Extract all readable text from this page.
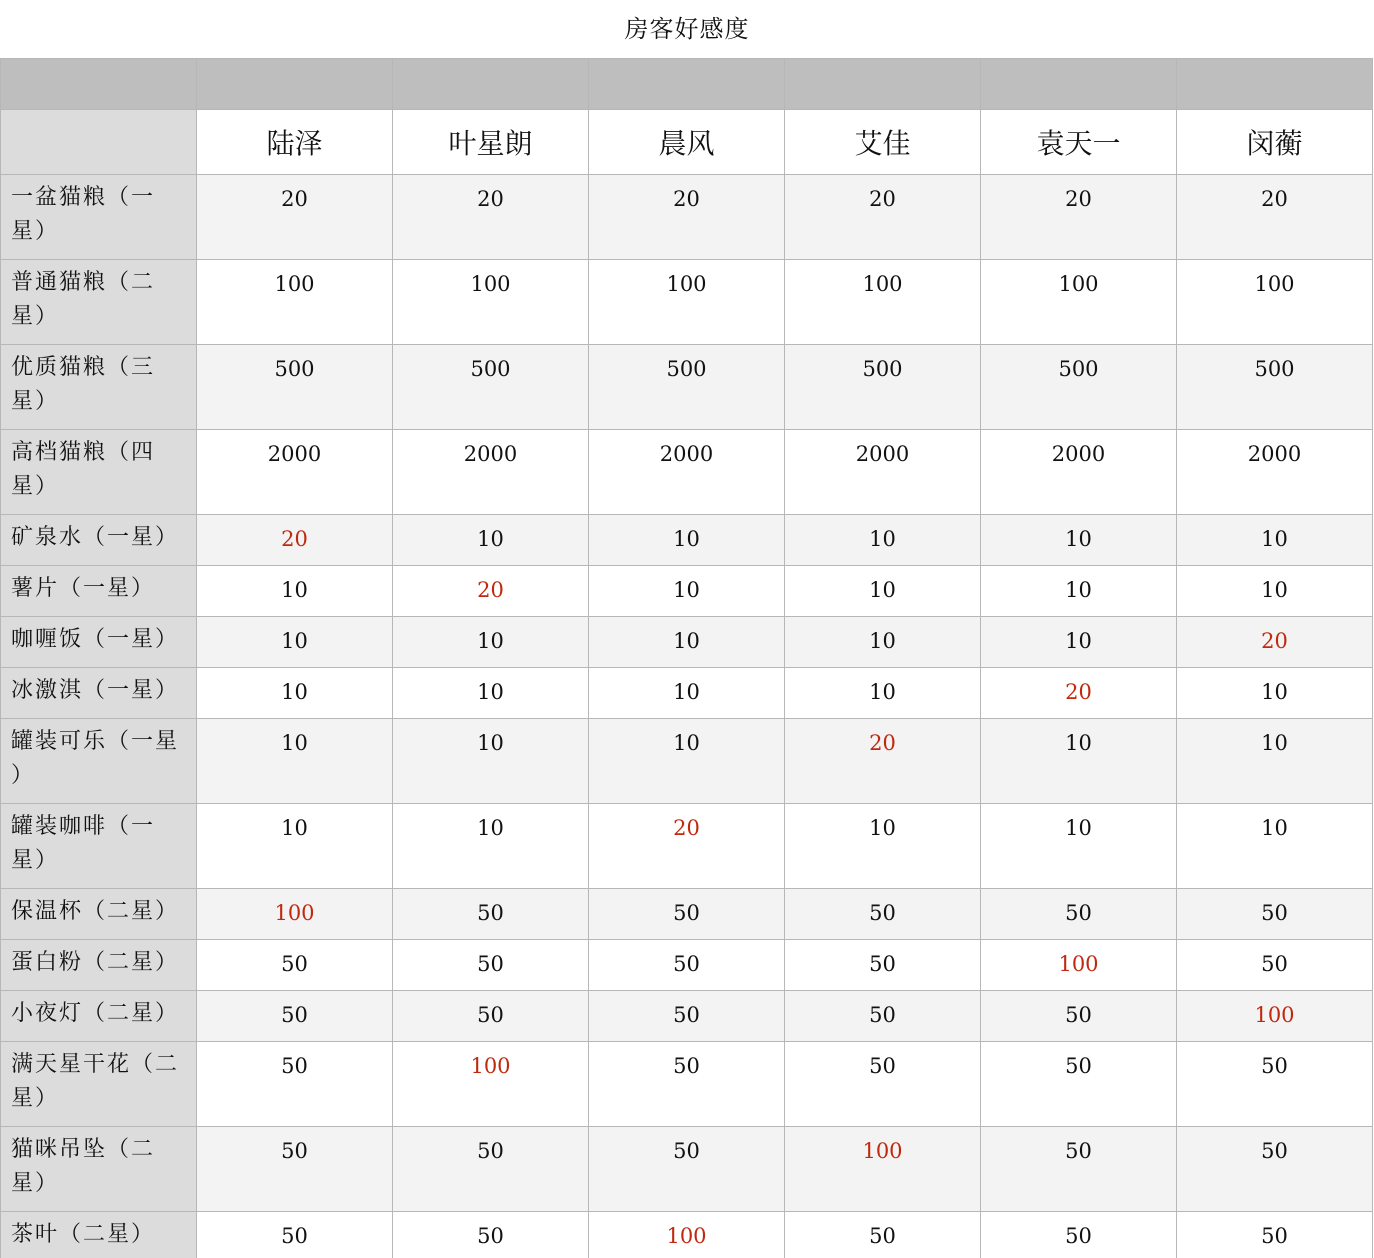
房客好感度

	陆泽	叶星朗	晨风	艾佳	袁天一	闵蘅
一盆猫粮（一星）	20	20	20	20	20	20
普通猫粮（二星）	100	100	100	100	100	100
优质猫粮（三星）	500	500	500	500	500	500
高档猫粮（四星）	2000	2000	2000	2000	2000	2000
矿泉水（一星）	20	10	10	10	10	10
薯片（一星）	10	20	10	10	10	10
咖喱饭（一星）	10	10	10	10	10	20
冰激淇（一星）	10	10	10	10	20	10
罐装可乐（一星 ）	10	10	10	20	10	10
罐装咖啡（一星）	10	10	20	10	10	10
保温杯（二星）	100	50	50	50	50	50
蛋白粉（二星）	50	50	50	50	100	50
小夜灯（二星）	50	50	50	50	50	100
满天星干花（二星）	50	100	50	50	50	50
猫咪吊坠（二星）	50	50	50	100	50	50
茶叶（二星）	50	50	100	50	50	50
